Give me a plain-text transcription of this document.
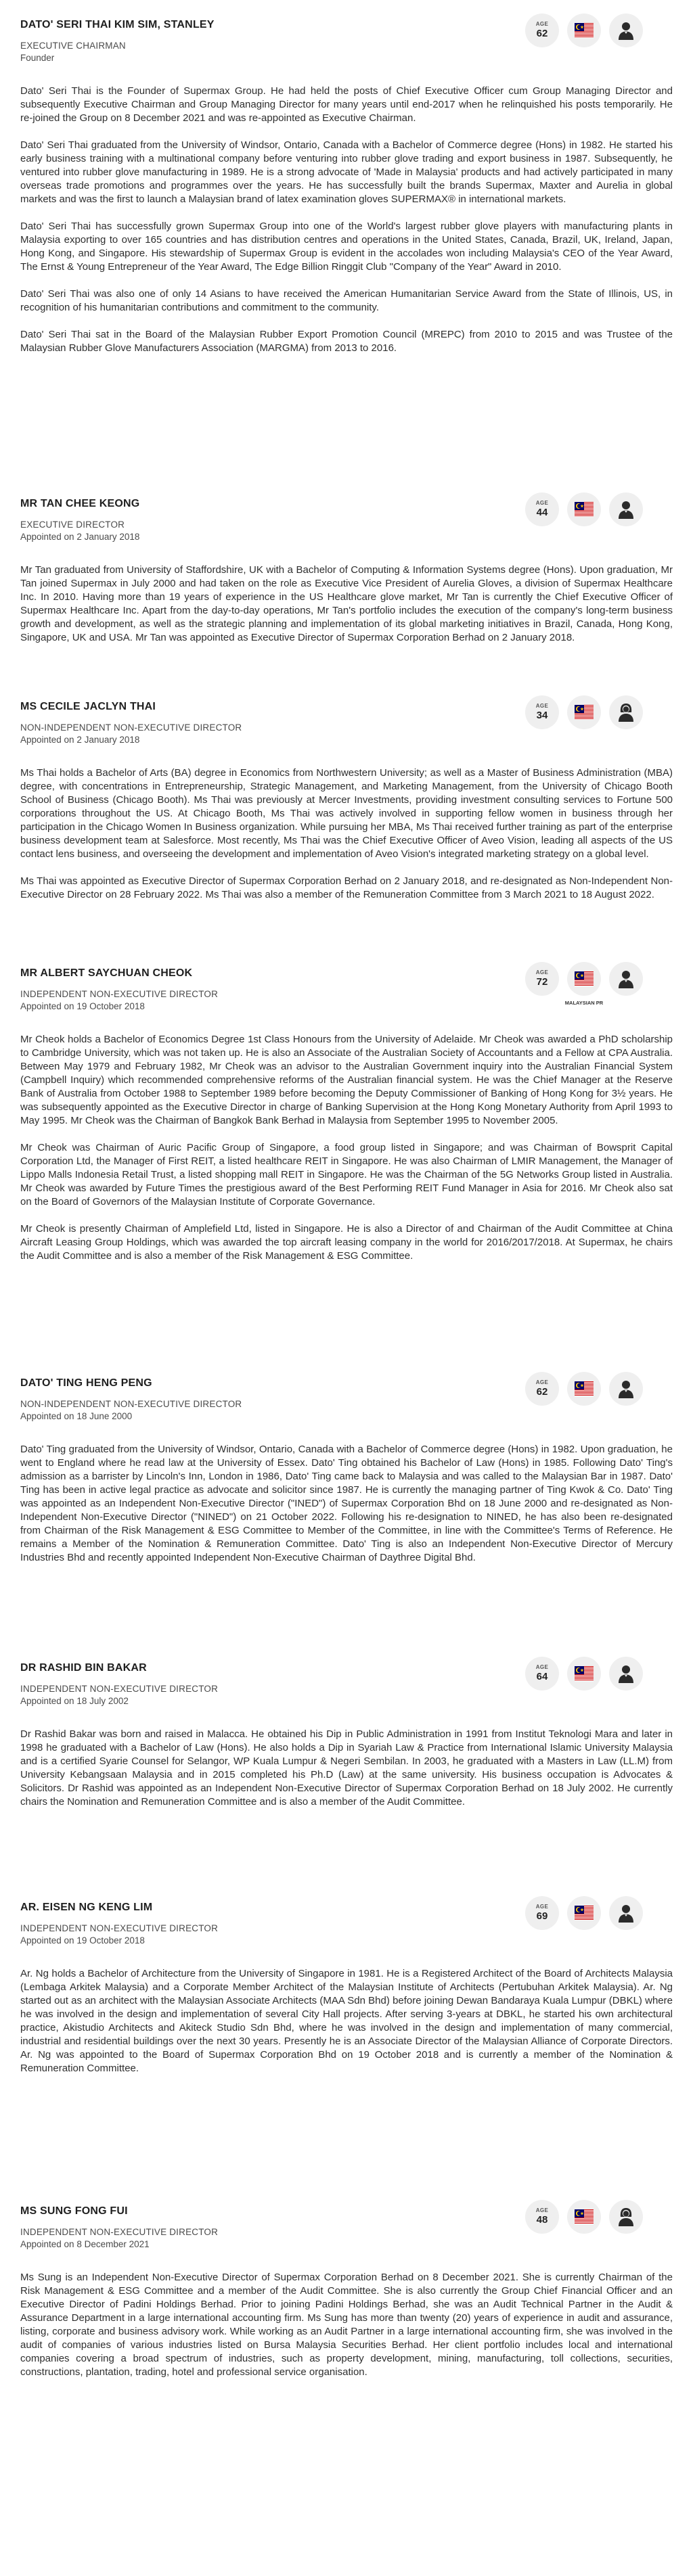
DATO' SERI THAI KIM SIM, STANLEY
EXECUTIVE CHAIRMAN
Founder
AGE
62

Dato' Seri Thai is the Founder of Supermax Group. He had held the posts of Chief Executive Officer cum Group Managing Director and subsequently Executive Chairman and Group Managing Director for many years until end-2017 when he relinquished his posts temporarily. He re-joined the Group on 8 December 2021 and was re-appointed as Executive Chairman.

Dato' Seri Thai graduated from the University of Windsor, Ontario, Canada with a Bachelor of Commerce degree (Hons) in 1982. He started his early business training with a multinational company before venturing into rubber glove trading and export business in 1987. Subsequently, he ventured into rubber glove manufacturing in 1989. He is a strong advocate of 'Made in Malaysia' products and had actively participated in many overseas trade promotions and programmes over the years. He has successfully built the brands Supermax, Maxter and Aurelia in global markets and was the first to launch a Malaysian brand of latex examination gloves SUPERMAX® in international markets.

Dato' Seri Thai has successfully grown Supermax Group into one of the World's largest rubber glove players with manufacturing plants in Malaysia exporting to over 165 countries and has distribution centres and operations in the United States, Canada, Brazil, UK, Ireland, Japan, Hong Kong, and Singapore. His stewardship of Supermax Group is evident in the accolades won including Malaysia's CEO of the Year Award, The Ernst & Young Entrepreneur of the Year Award, The Edge Billion Ringgit Club "Company of the Year" Award in 2010.

Dato' Seri Thai was also one of only 14 Asians to have received the American Humanitarian Service Award from the State of Illinois, US, in recognition of his humanitarian contributions and commitment to the community.

Dato' Seri Thai sat in the Board of the Malaysian Rubber Export Promotion Council (MREPC) from 2010 to 2015 and was Trustee of the Malaysian Rubber Glove Manufacturers Association (MARGMA) from 2013 to 2016.

MR TAN CHEE KEONG
EXECUTIVE DIRECTOR
Appointed on 2 January 2018
AGE
44

Mr Tan graduated from University of Staffordshire, UK with a Bachelor of Computing & Information Systems degree (Hons). Upon graduation, Mr Tan joined Supermax in July 2000 and had taken on the role as Executive Vice President of Aurelia Gloves, a division of Supermax Healthcare Inc. In 2010. Having more than 19 years of experience in the US Healthcare glove market, Mr Tan is currently the Chief Executive Officer of Supermax Healthcare Inc. Apart from the day-to-day operations, Mr Tan's portfolio includes the execution of the company's long-term business growth and development, as well as the strategic planning and implementation of its global marketing initiatives in Brazil, Canada, Hong Kong, Singapore, UK and USA. Mr Tan was appointed as Executive Director of Supermax Corporation Berhad on 2 January 2018.

MS CECILE JACLYN THAI
NON-INDEPENDENT NON-EXECUTIVE DIRECTOR
Appointed on 2 January 2018
AGE
34

Ms Thai holds a Bachelor of Arts (BA) degree in Economics from Northwestern University; as well as a Master of Business Administration (MBA) degree, with concentrations in Entrepreneurship, Strategic Management, and Marketing Management, from the University of Chicago Booth School of Business (Chicago Booth). Ms Thai was previously at Mercer Investments, providing investment consulting services to Fortune 500 corporations throughout the US. At Chicago Booth, Ms Thai was actively involved in supporting fellow women in business through her participation in the Chicago Women In Business organization. While pursuing her MBA, Ms Thai received further training as part of the enterprise business development team at Salesforce. Most recently, Ms Thai was the Chief Executive Officer of Aveo Vision, leading all aspects of the US contact lens business, and overseeing the development and implementation of Aveo Vision's integrated marketing strategy on a global level.

Ms Thai was appointed as Executive Director of Supermax Corporation Berhad on 2 January 2018, and re-designated as Non-Independent Non-Executive Director on 28 February 2022. Ms Thai was also a member of the Remuneration Committee from 3 March 2021 to 18 August 2022.

MR ALBERT SAYCHUAN CHEOK
INDEPENDENT NON-EXECUTIVE DIRECTOR
Appointed on 19 October 2018
AGE
72
MALAYSIAN PR

Mr Cheok holds a Bachelor of Economics Degree 1st Class Honours from the University of Adelaide. Mr Cheok was awarded a PhD scholarship to Cambridge University, which was not taken up. He is also an Associate of the Australian Society of Accountants and a Fellow at CPA Australia. Between May 1979 and February 1982, Mr Cheok was an advisor to the Australian Government inquiry into the Australian Financial System (Campbell Inquiry) which recommended comprehensive reforms of the Australian financial system. He was the Chief Manager at the Reserve Bank of Australia from October 1988 to September 1989 before becoming the Deputy Commissioner of Banking of Hong Kong for 3½ years. He was subsequently appointed as the Executive Director in charge of Banking Supervision at the Hong Kong Monetary Authority from April 1993 to May 1995. Mr Cheok was the Chairman of Bangkok Bank Berhad in Malaysia from September 1995 to November 2005.

Mr Cheok was Chairman of Auric Pacific Group of Singapore, a food group listed in Singapore; and was Chairman of Bowsprit Capital Corporation Ltd, the Manager of First REIT, a listed healthcare REIT in Singapore. He was also Chairman of LMIR Management, the Manager of Lippo Malls Indonesia Retail Trust, a listed shopping mall REIT in Singapore. He was the Chairman of the 5G Networks Group listed in Australia. Mr Cheok was awarded by Future Times the prestigious award of the Best Performing REIT Fund Manager in Asia for 2016. Mr Cheok also sat on the Board of Governors of the Malaysian Institute of Corporate Governance.

Mr Cheok is presently Chairman of Amplefield Ltd, listed in Singapore. He is also a Director of and Chairman of the Audit Committee at China Aircraft Leasing Group Holdings, which was awarded the top aircraft leasing company in the world for 2016/2017/2018. At Supermax, he chairs the Audit Committee and is also a member of the Risk Management & ESG Committee.

DATO' TING HENG PENG
NON-INDEPENDENT NON-EXECUTIVE DIRECTOR
Appointed on 18 June 2000
AGE
62

Dato' Ting graduated from the University of Windsor, Ontario, Canada with a Bachelor of Commerce degree (Hons) in 1982. Upon graduation, he went to England where he read law at the University of Essex. Dato' Ting obtained his Bachelor of Law (Hons) in 1985. Following Dato' Ting's admission as a barrister by Lincoln's Inn, London in 1986, Dato' Ting came back to Malaysia and was called to the Malaysian Bar in 1987. Dato' Ting has been in active legal practice as advocate and solicitor since 1987. He is currently the managing partner of Ting Kwok & Co. Dato' Ting was appointed as an Independent Non-Executive Director ("INED") of Supermax Corporation Bhd on 18 June 2000 and re-designated as Non-Independent Non-Executive Director ("NINED") on 21 October 2022. Following his re-designation to NINED, he has also been re-designated from Chairman of the Risk Management & ESG Committee to Member of the Committee, in line with the Committee's Terms of Reference. He remains a Member of the Nomination & Remuneration Committee. Dato' Ting is also an Independent Non-Executive Director of Mercury Industries Bhd and recently appointed Independent Non-Executive Chairman of Daythree Digital Bhd.

DR RASHID BIN BAKAR
INDEPENDENT NON-EXECUTIVE DIRECTOR
Appointed on 18 July 2002
AGE
64

Dr Rashid Bakar was born and raised in Malacca. He obtained his Dip in Public Administration in 1991 from Institut Teknologi Mara and later in 1998 he graduated with a Bachelor of Law (Hons). He also holds a Dip in Syariah Law & Practice from International Islamic University Malaysia and is a certified Syarie Counsel for Selangor, WP Kuala Lumpur & Negeri Sembilan. In 2003, he graduated with a Masters in Law (LL.M) from University Kebangsaan Malaysia and in 2015 completed his Ph.D (Law) at the same university. His business occupation is Advocates & Solicitors. Dr Rashid was appointed as an Independent Non-Executive Director of Supermax Corporation Berhad on 18 July 2002. He currently chairs the Nomination and Remuneration Committee and is also a member of the Audit Committee.

AR. EISEN NG KENG LIM
INDEPENDENT NON-EXECUTIVE DIRECTOR
Appointed on 19 October 2018
AGE
69

Ar. Ng holds a Bachelor of Architecture from the University of Singapore in 1981. He is a Registered Architect of the Board of Architects Malaysia (Lembaga Arkitek Malaysia) and a Corporate Member Architect of the Malaysian Institute of Architects (Pertubuhan Arkitek Malaysia). Ar. Ng started out as an architect with the Malaysian Associate Architects (MAA Sdn Bhd) before joining Dewan Bandaraya Kuala Lumpur (DBKL) where he was involved in the design and implementation of several City Hall projects. After serving 3-years at DBKL, he started his own architectural practice, Akistudio Architects and Akiteck Studio Sdn Bhd, where he was involved in the design and implementation of many commercial, industrial and residential buildings over the next 30 years. Presently he is an Associate Director of the Malaysian Alliance of Corporate Directors. Ar. Ng was appointed to the Board of Supermax Corporation Bhd on 19 October 2018 and is currently a member of the Nomination & Remuneration Committee.

MS SUNG FONG FUI
INDEPENDENT NON-EXECUTIVE DIRECTOR
Appointed on 8 December 2021
AGE
48

Ms Sung is an Independent Non-Executive Director of Supermax Corporation Berhad on 8 December 2021. She is currently Chairman of the Risk Management & ESG Committee and a member of the Audit Committee. She is also currently the Group Chief Financial Officer and an Executive Director of Padini Holdings Berhad. Prior to joining Padini Holdings Berhad, she was an Audit Technical Partner in the Audit & Assurance Department in a large international accounting firm. Ms Sung has more than twenty (20) years of experience in audit and assurance, listing, corporate and business advisory work. While working as an Audit Partner in a large international accounting firm, she was involved in the audit of companies of various industries listed on Bursa Malaysia Securities Berhad. Her client portfolio includes local and international companies covering a broad spectrum of industries, such as property development, mining, manufacturing, toll collections, securities, constructions, plantation, trading, hotel and professional service organisation.
